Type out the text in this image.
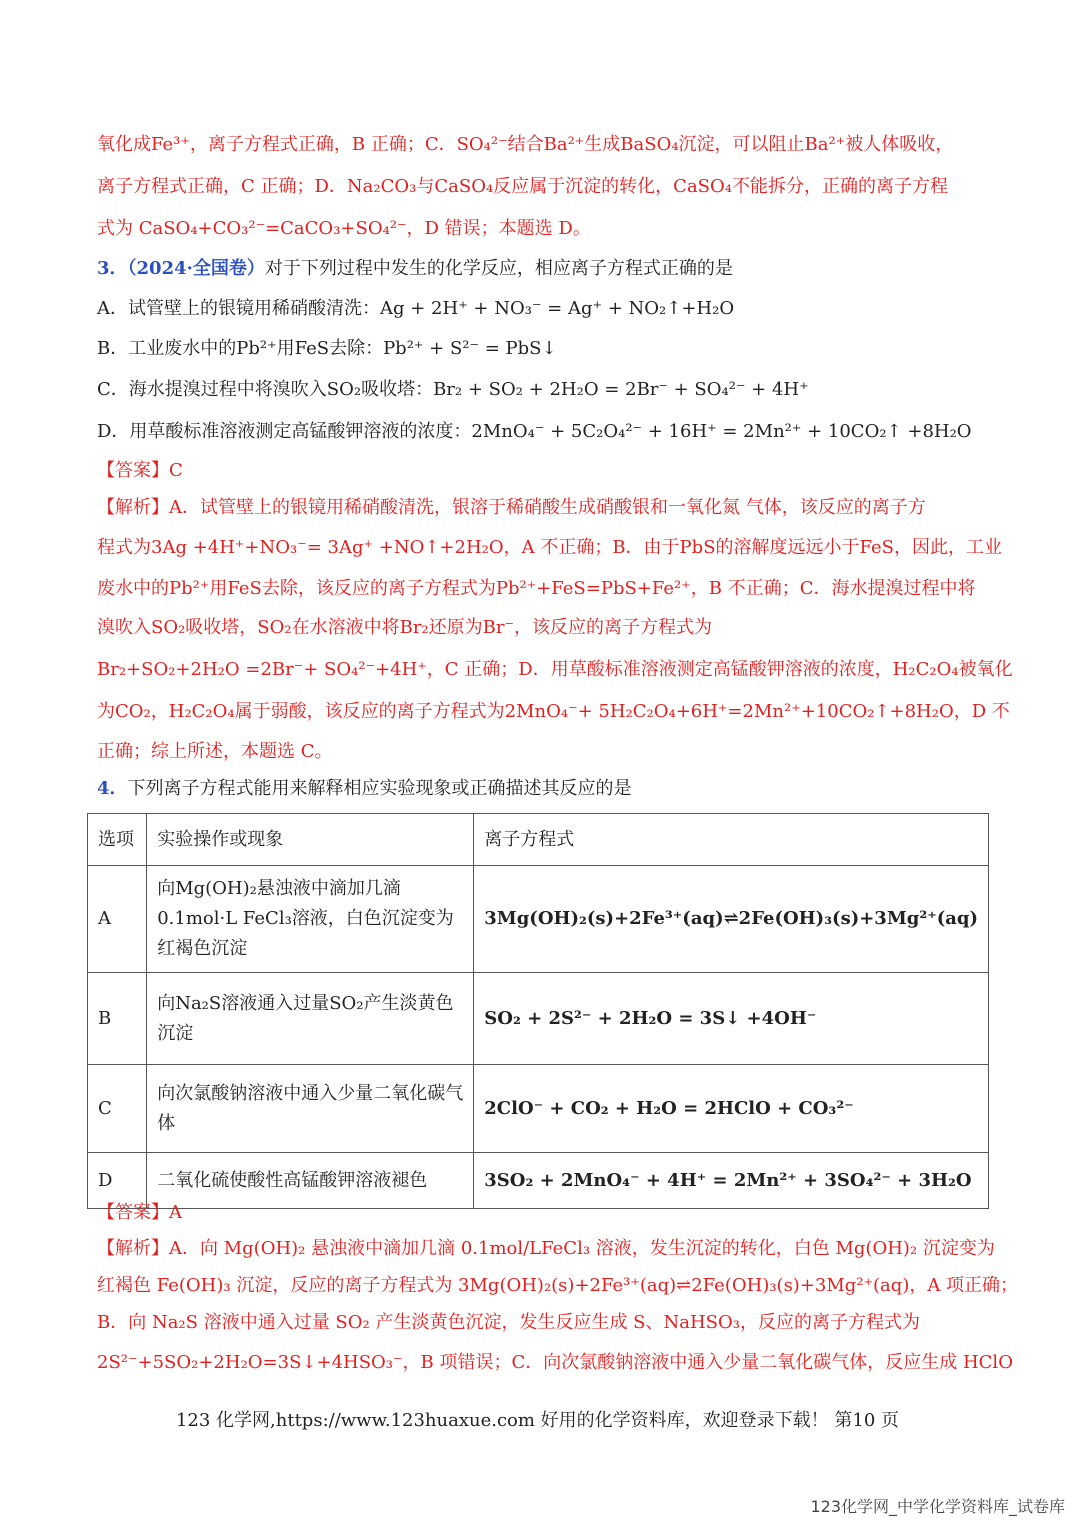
氧化成Fe³⁺，离子方程式正确，B 正确；C．SO₄²⁻结合Ba²⁺生成BaSO₄沉淀，可以阻止Ba²⁺被人体吸收，
离子方程式正确，C 正确；D．Na₂CO₃与CaSO₄反应属于沉淀的转化，CaSO₄不能拆分，正确的离子方程
式为 CaSO₄+CO₃²⁻=CaCO₃+SO₄²⁻，D 错误；本题选 D。
3．（2024·全国卷）对于下列过程中发生的化学反应，相应离子方程式正确的是
A．试管壁上的银镜用稀硝酸清洗：Ag + 2H⁺ + NO₃⁻ = Ag⁺ + NO₂↑+H₂O
B．工业废水中的Pb²⁺用FeS去除：Pb²⁺ + S²⁻ = PbS↓
C．海水提溴过程中将溴吹入SO₂吸收塔：Br₂ + SO₂ + 2H₂O = 2Br⁻ + SO₄²⁻ + 4H⁺
D．用草酸标准溶液测定高锰酸钾溶液的浓度：2MnO₄⁻ + 5C₂O₄²⁻ + 16H⁺ = 2Mn²⁺ + 10CO₂↑ +8H₂O
【答案】C
【解析】A．试管壁上的银镜用稀硝酸清洗，银溶于稀硝酸生成硝酸银和一氧化氮 气体，该反应的离子方
程式为3Ag +4H⁺+NO₃⁻= 3Ag⁺ +NO↑+2H₂O，A 不正确；B．由于PbS的溶解度远远小于FeS，因此，工业
废水中的Pb²⁺用FeS去除，该反应的离子方程式为Pb²⁺+FeS=PbS+Fe²⁺，B 不正确；C．海水提溴过程中将
溴吹入SO₂吸收塔，SO₂在水溶液中将Br₂还原为Br⁻，该反应的离子方程式为
Br₂+SO₂+2H₂O =2Br⁻+ SO₄²⁻+4H⁺，C 正确；D．用草酸标准溶液测定高锰酸钾溶液的浓度，H₂C₂O₄被氧化
为CO₂，H₂C₂O₄属于弱酸，该反应的离子方程式为2MnO₄⁻+ 5H₂C₂O₄+6H⁺=2Mn²⁺+10CO₂↑+8H₂O，D 不
正确；综上所述，本题选 C。
4．下列离子方程式能用来解释相应实验现象或正确描述其反应的是
选项	实验操作或现象	离子方程式
A	向Mg(OH)₂悬浊液中滴加几滴0.1mol·L FeCl₃溶液，白色沉淀变为红褐色沉淀	3Mg(OH)₂(s)+2Fe³⁺(aq)⇌2Fe(OH)₃(s)+3Mg²⁺(aq)
B	向Na₂S溶液通入过量SO₂产生淡黄色沉淀	SO₂ + 2S²⁻ + 2H₂O = 3S↓ +4OH⁻
C	向次氯酸钠溶液中通入少量二氧化碳气体	2ClO⁻ + CO₂ + H₂O = 2HClO + CO₃²⁻
D	二氧化硫使酸性高锰酸钾溶液褪色	3SO₂ + 2MnO₄⁻ + 4H⁺ = 2Mn²⁺ + 3SO₄²⁻ + 3H₂O
【答案】A
【解析】A．向 Mg(OH)₂ 悬浊液中滴加几滴 0.1mol/LFeCl₃ 溶液，发生沉淀的转化，白色 Mg(OH)₂ 沉淀变为
红褐色 Fe(OH)₃ 沉淀，反应的离子方程式为 3Mg(OH)₂(s)+2Fe³⁺(aq)⇌2Fe(OH)₃(s)+3Mg²⁺(aq)，A 项正确；
B．向 Na₂S 溶液中通入过量 SO₂ 产生淡黄色沉淀，发生反应生成 S、NaHSO₃，反应的离子方程式为
2S²⁻+5SO₂+2H₂O=3S↓+4HSO₃⁻，B 项错误；C．向次氯酸钠溶液中通入少量二氧化碳气体，反应生成 HClO
123 化学网,https://www.123huaxue.com 好用的化学资料库，欢迎登录下载！ 第10 页
123化学网_中学化学资料库_试卷库
